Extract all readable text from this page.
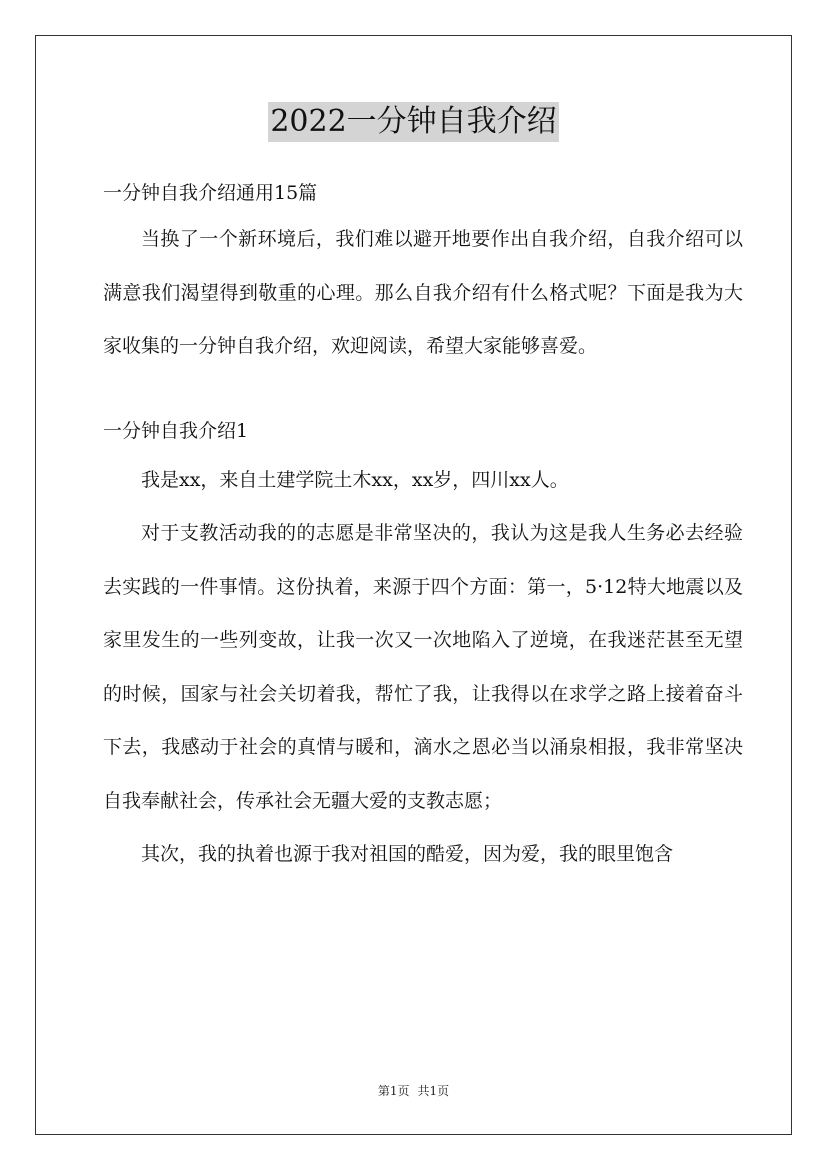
2022一分钟自我介绍

一分钟自我介绍通用15篇

当换了一个新环境后，我们难以避开地要作出自我介绍，自我介绍可以满意我们渴望得到敬重的心理。那么自我介绍有什么格式呢？下面是我为大家收集的一分钟自我介绍，欢迎阅读，希望大家能够喜爱。

一分钟自我介绍1

我是xx，来自土建学院土木xx，xx岁，四川xx人。

对于支教活动我的的志愿是非常坚决的，我认为这是我人生务必去经验去实践的一件事情。这份执着，来源于四个方面：第一，5·12特大地震以及家里发生的一些列变故，让我一次又一次地陷入了逆境，在我迷茫甚至无望的时候，国家与社会关切着我，帮忙了我，让我得以在求学之路上接着奋斗下去，我感动于社会的真情与暖和，滴水之恩必当以涌泉相报，我非常坚决自我奉献社会，传承社会无疆大爱的支教志愿；

其次，我的执着也源于我对祖国的酷爱，因为爱，我的眼里饱含

第1页 共1页
